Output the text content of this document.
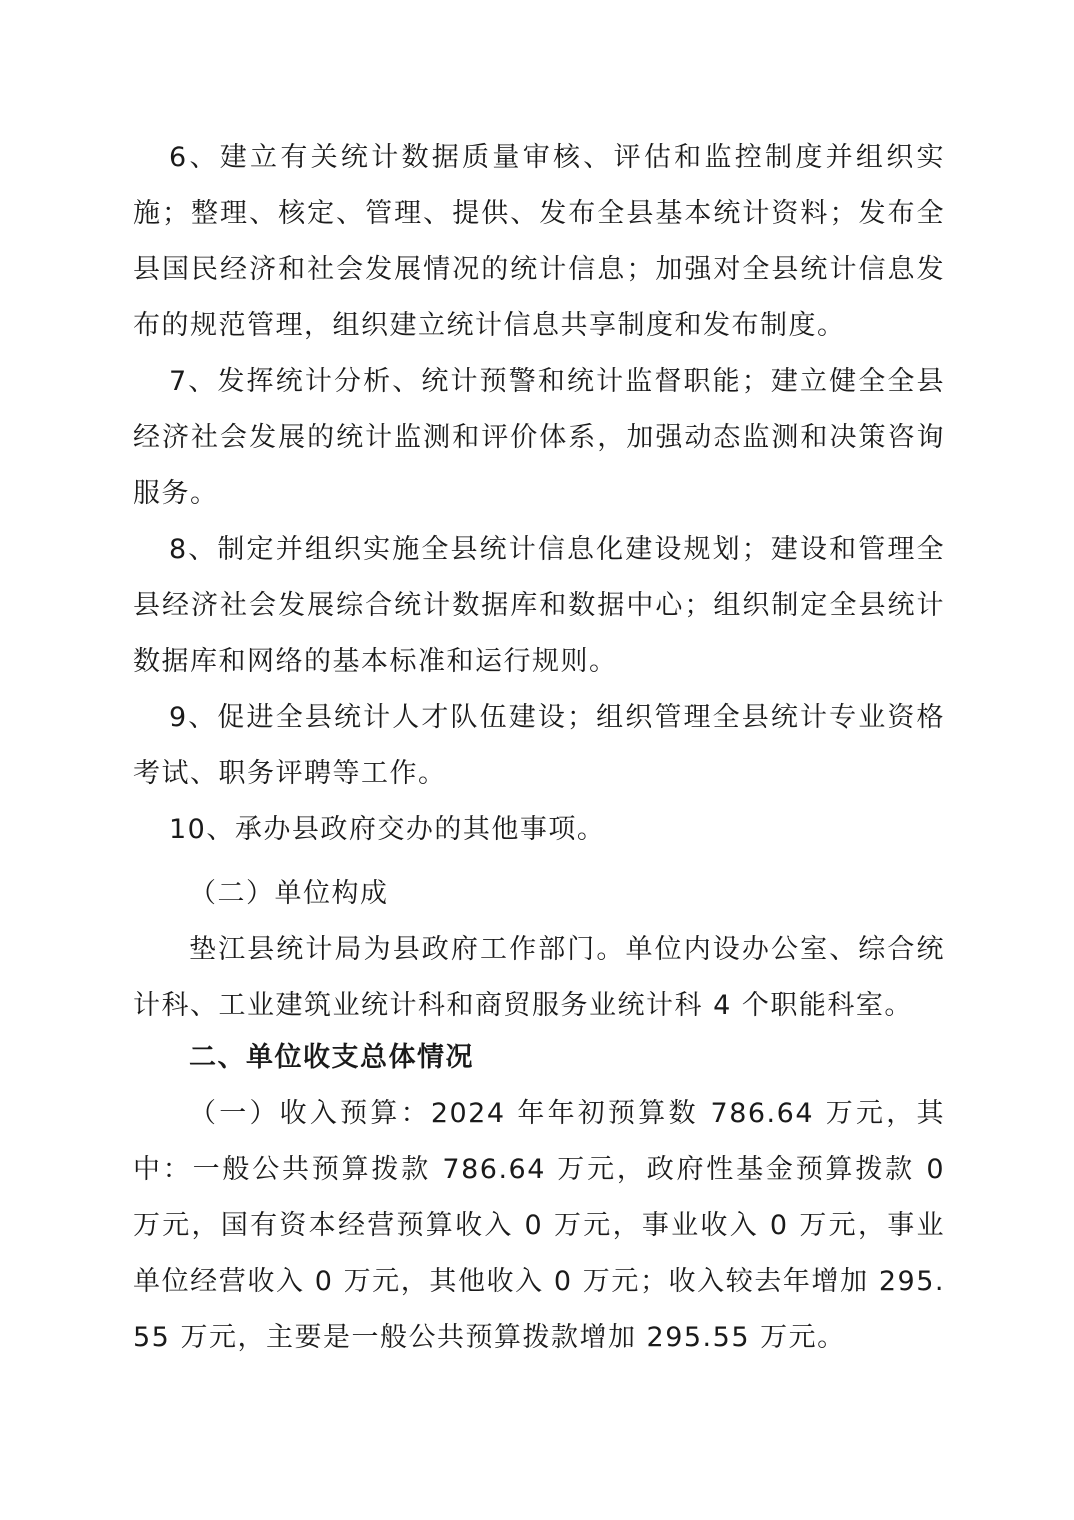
6、建立有关统计数据质量审核、评估和监控制度并组织实施；整理、核定、管理、提供、发布全县基本统计资料；发布全县国民经济和社会发展情况的统计信息；加强对全县统计信息发布的规范管理，组织建立统计信息共享制度和发布制度。

7、发挥统计分析、统计预警和统计监督职能；建立健全全县经济社会发展的统计监测和评价体系，加强动态监测和决策咨询服务。

8、制定并组织实施全县统计信息化建设规划；建设和管理全县经济社会发展综合统计数据库和数据中心；组织制定全县统计数据库和网络的基本标准和运行规则。

9、促进全县统计人才队伍建设；组织管理全县统计专业资格考试、职务评聘等工作。

10、承办县政府交办的其他事项。

（二）单位构成

垫江县统计局为县政府工作部门。单位内设办公室、综合统计科、工业建筑业统计科和商贸服务业统计科 4 个职能科室。

二、单位收支总体情况

（一）收入预算：2024 年年初预算数 786.64 万元，其中：一般公共预算拨款 786.64 万元，政府性基金预算拨款 0 万元，国有资本经营预算收入 0 万元，事业收入 0 万元，事业单位经营收入 0 万元，其他收入 0 万元；收入较去年增加 295.55 万元，主要是一般公共预算拨款增加 295.55 万元。
